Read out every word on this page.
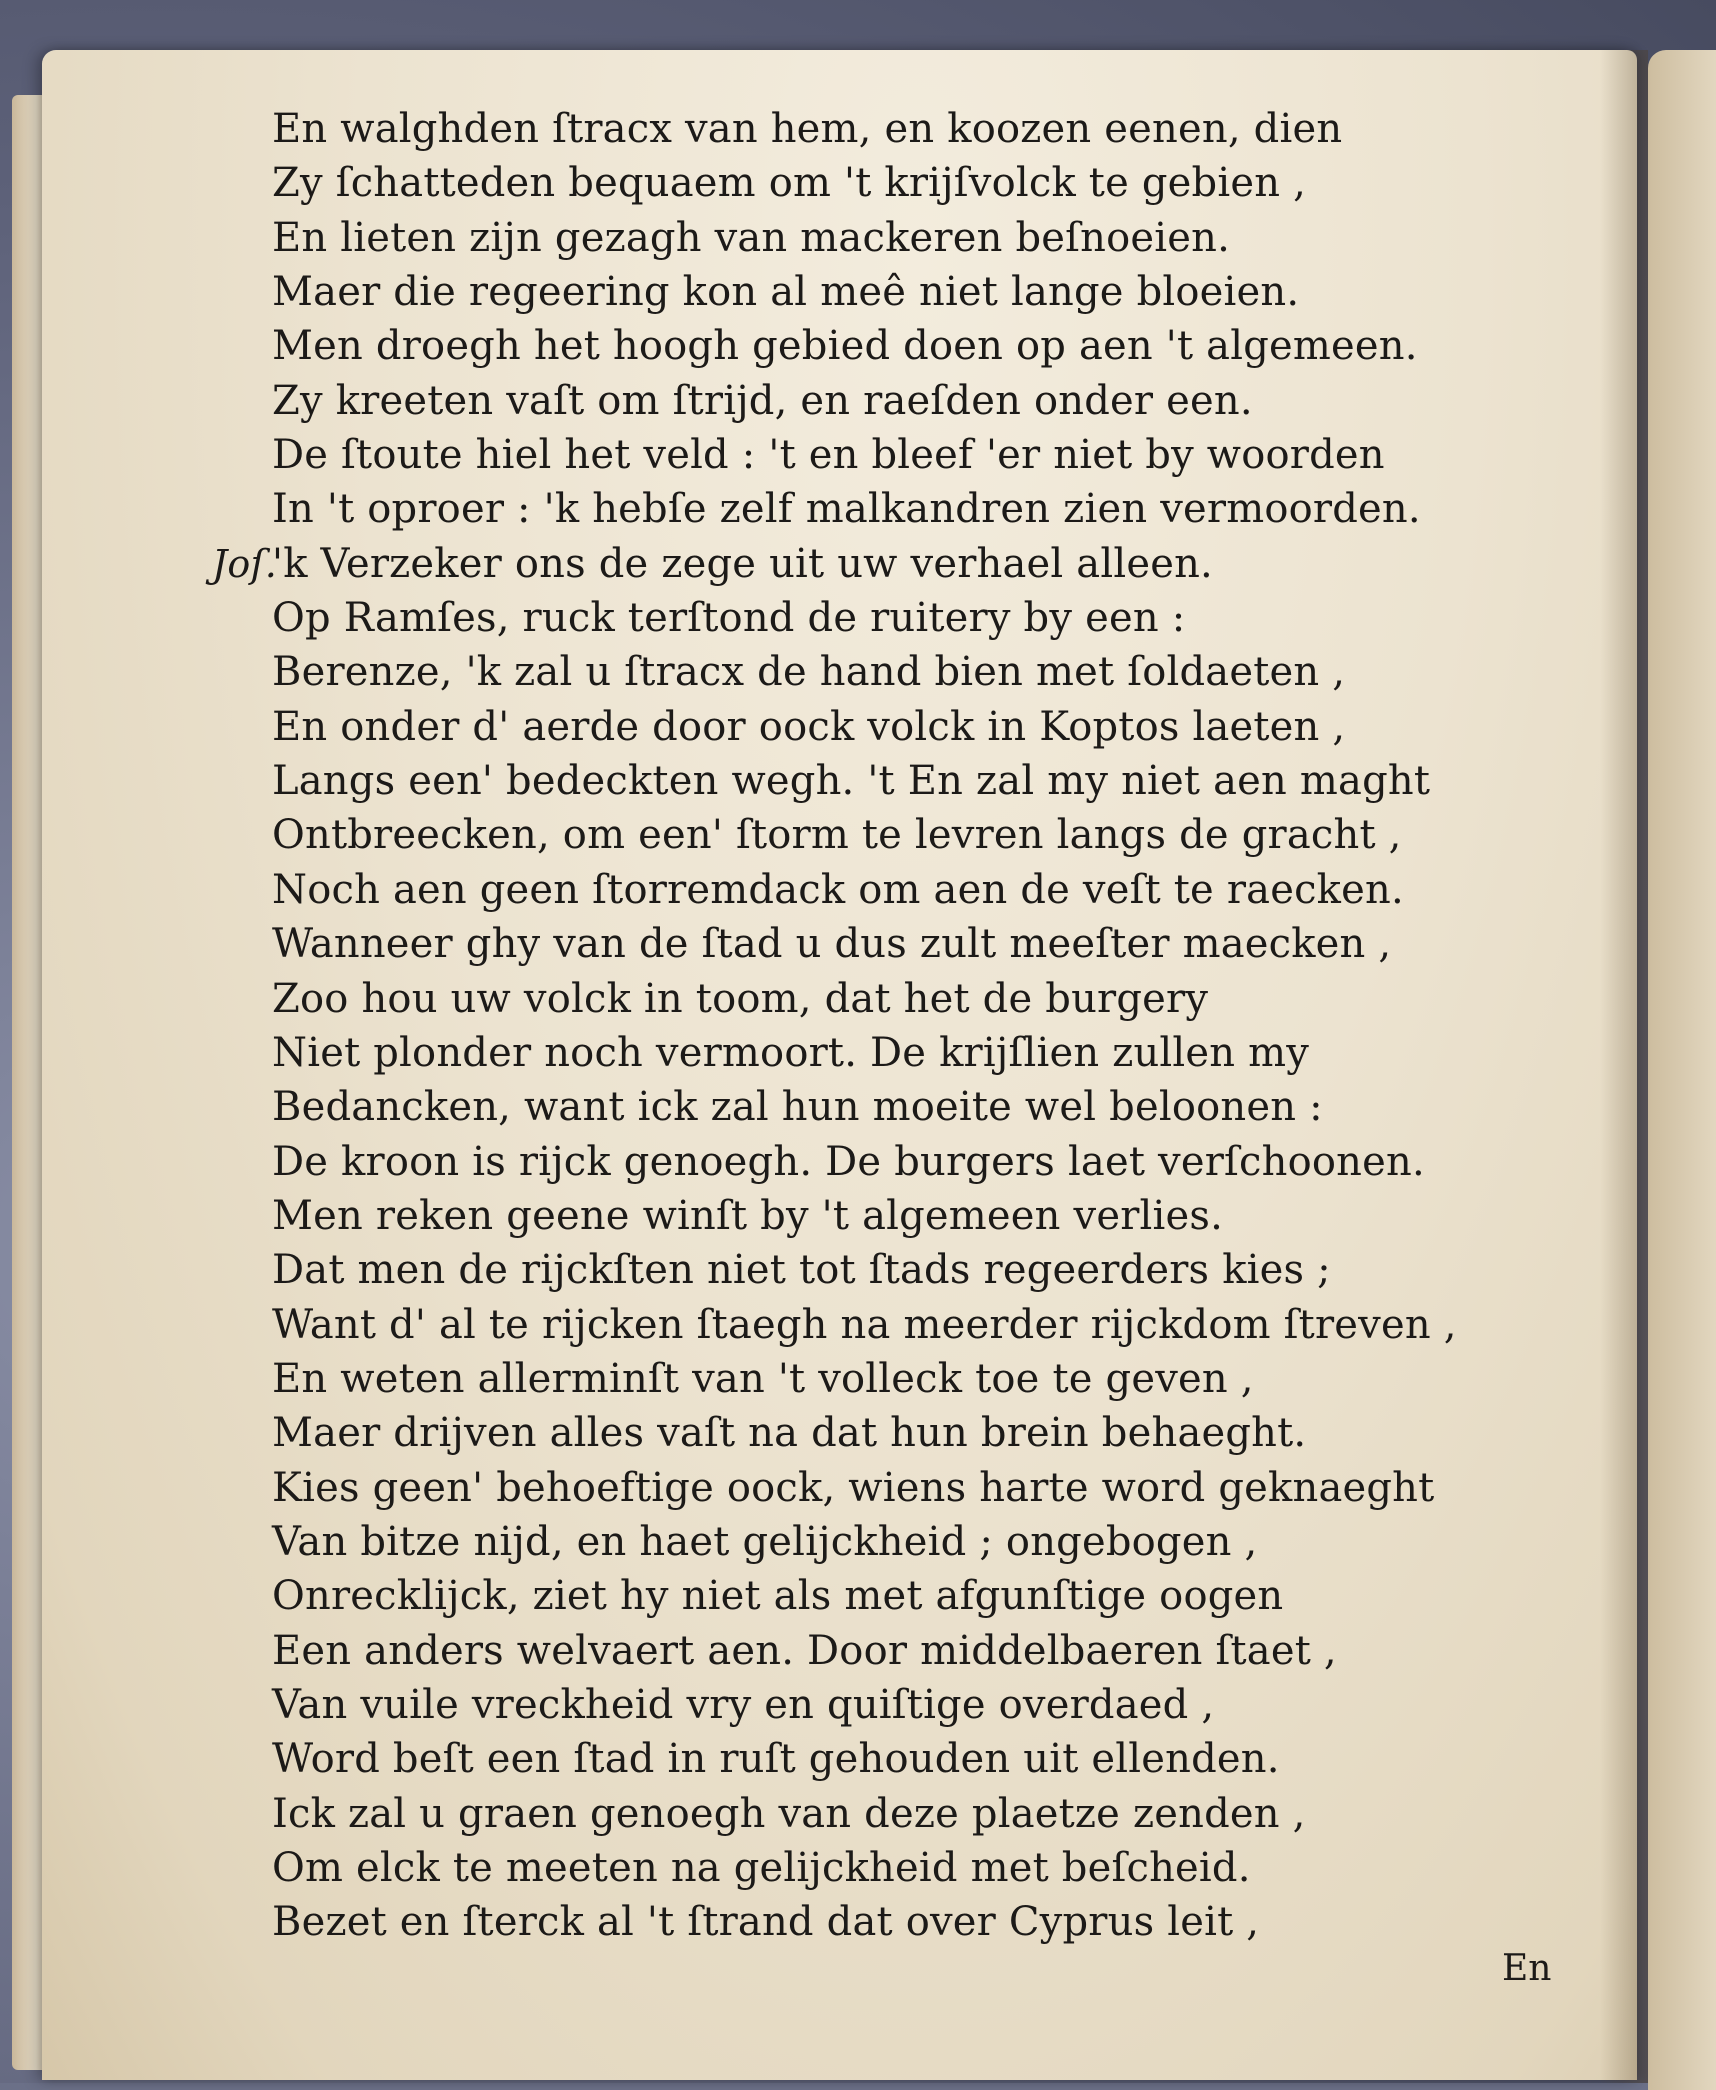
En walghden ſtracx van hem, en koozen eenen, dien
Zy ſchatteden bequaem om 't krijſvolck te gebien ,
En lieten zijn gezagh van mackeren beſnoeien.
Maer die regeering kon al meê niet lange bloeien.
Men droegh het hoogh gebied doen op aen 't algemeen.
Zy kreeten vaſt om ſtrijd, en raeſden onder een.
De ſtoute hiel het veld : 't en bleef 'er niet by woorden
In 't oproer : 'k hebſe zelf malkandren zien vermoorden.
Joſ.
'k Verzeker ons de zege uit uw verhael alleen.
Op Ramſes, ruck terſtond de ruitery by een :
Berenze, 'k zal u ſtracx de hand bien met ſoldaeten ,
En onder d' aerde door oock volck in Koptos laeten ,
Langs een' bedeckten wegh. 't En zal my niet aen maght
Ontbreecken, om een' ſtorm te levren langs de gracht ,
Noch aen geen ſtorremdack om aen de veſt te raecken.
Wanneer ghy van de ſtad u dus zult meeſter maecken ,
Zoo hou uw volck in toom, dat het de burgery
Niet plonder noch vermoort. De krijſlien zullen my
Bedancken, want ick zal hun moeite wel beloonen :
De kroon is rijck genoegh. De burgers laet verſchoonen.
Men reken geene winſt by 't algemeen verlies.
Dat men de rijckſten niet tot ſtads regeerders kies ;
Want d' al te rijcken ſtaegh na meerder rijckdom ſtreven ,
En weten allerminſt van 't volleck toe te geven ,
Maer drijven alles vaſt na dat hun brein behaeght.
Kies geen' behoeftige oock, wiens harte word geknaeght
Van bitze nijd, en haet gelijckheid ; ongebogen ,
Onrecklijck, ziet hy niet als met afgunſtige oogen
Een anders welvaert aen. Door middelbaeren ſtaet ,
Van vuile vreckheid vry en quiſtige overdaed ,
Word beſt een ſtad in ruſt gehouden uit ellenden.
Ick zal u graen genoegh van deze plaetze zenden ,
Om elck te meeten na gelijckheid met beſcheid.
Bezet en ſterck al 't ſtrand dat over Cyprus leit ,
En
